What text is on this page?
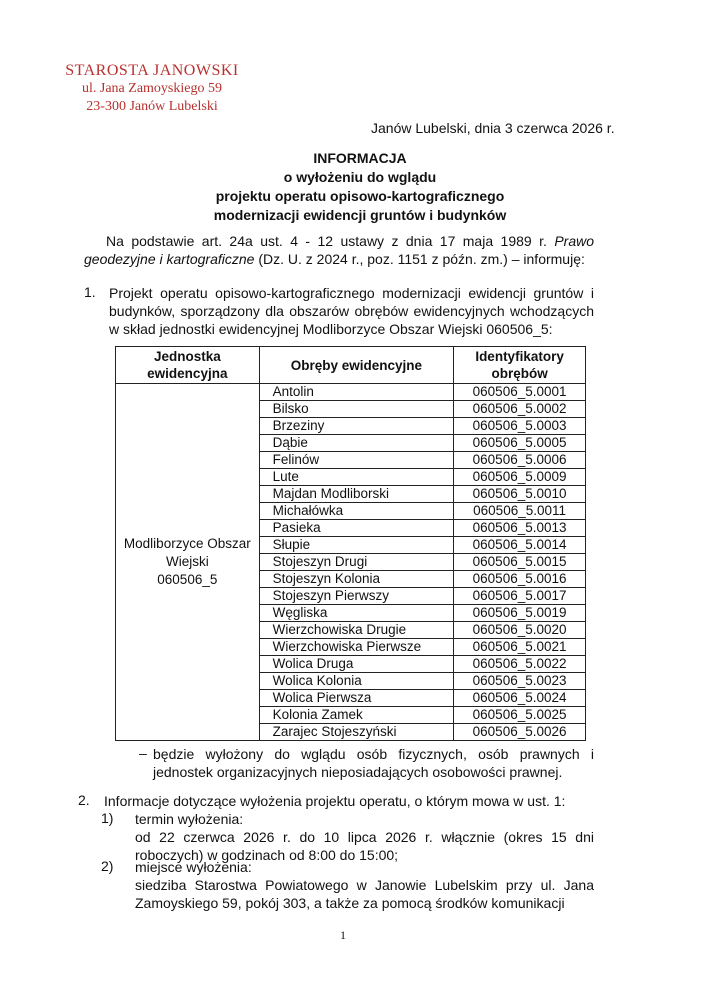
STAROSTA JANOWSKI
ul. Jana Zamoyskiego 59
23-300 Janów Lubelski
Janów Lubelski, dnia 3 czerwca 2026 r.
INFORMACJA
o wyłożeniu do wglądu
projektu operatu opisowo-kartograficznego
modernizacji ewidencji gruntów i budynków
Na podstawie art. 24a ust. 4 - 12 ustawy z dnia 17 maja 1989 r. Prawo geodezyjne i kartograficzne (Dz. U. z 2024 r., poz. 1151 z późn. zm.) – informuję:
1. Projekt operatu opisowo-kartograficznego modernizacji ewidencji gruntów i budynków, sporządzony dla obszarów obrębów ewidencyjnych wchodzących w skład jednostki ewidencyjnej Modliborzyce Obszar Wiejski 060506_5:
Jednostka ewidencyjna	Obręby ewidencyjne	Identyfikatory obrębów
Modliborzyce Obszar
Wiejski
060506_5	Antolin	060506_5.0001
	Bilsko	060506_5.0002
	Brzeziny	060506_5.0003
	Dąbie	060506_5.0005
	Felinów	060506_5.0006
	Lute	060506_5.0009
	Majdan Modliborski	060506_5.0010
	Michałówka	060506_5.0011
	Pasieka	060506_5.0013
	Słupie	060506_5.0014
	Stojeszyn Drugi	060506_5.0015
	Stojeszyn Kolonia	060506_5.0016
	Stojeszyn Pierwszy	060506_5.0017
	Węgliska	060506_5.0019
	Wierzchowiska Drugie	060506_5.0020
	Wierzchowiska Pierwsze	060506_5.0021
	Wolica Druga	060506_5.0022
	Wolica Kolonia	060506_5.0023
	Wolica Pierwsza	060506_5.0024
	Kolonia Zamek	060506_5.0025
	Zarajec Stojeszyński	060506_5.0026
– będzie wyłożony do wglądu osób fizycznych, osób prawnych i jednostek organizacyjnych nieposiadających osobowości prawnej.
2. Informacje dotyczące wyłożenia projektu operatu, o którym mowa w ust. 1:
1) termin wyłożenia:
od 22 czerwca 2026 r. do 10 lipca 2026 r. włącznie (okres 15 dni roboczych) w godzinach od 8:00 do 15:00;
2) miejsce wyłożenia:
siedziba Starostwa Powiatowego w Janowie Lubelskim przy ul. Jana Zamoyskiego 59, pokój 303, a także za pomocą środków komunikacji
1
